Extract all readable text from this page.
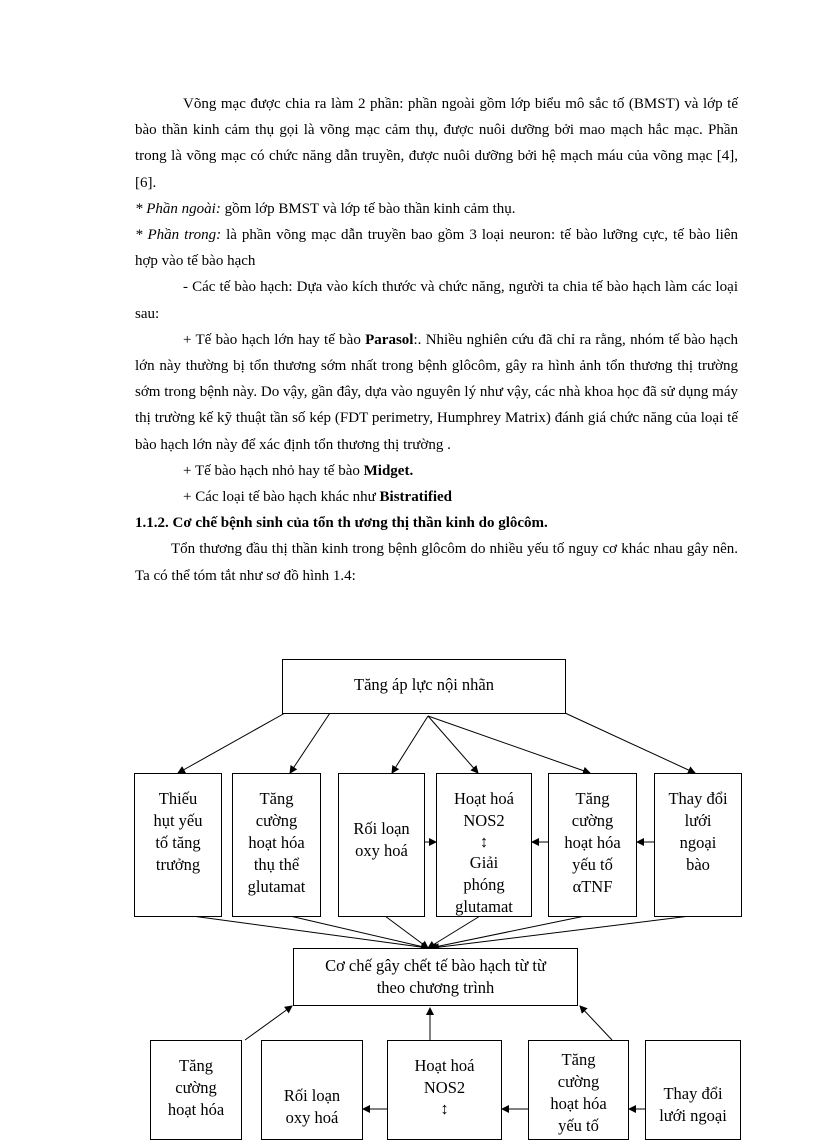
Võng mạc được chia ra làm 2 phần: phần ngoài gồm lớp biểu mô sắc tố (BMST) và lớp tế bào thần kinh cảm thụ gọi là võng mạc cảm thụ, được nuôi dưỡng bởi mao mạch hắc mạc. Phần trong là võng mạc có chức năng dẫn truyền, được nuôi dưỡng bởi hệ mạch máu của võng mạc [4], [6].

* Phần ngoài: gồm lớp BMST và lớp tế bào thần kinh cảm thụ.

* Phần trong: là phần võng mạc dẫn truyền bao gồm 3 loại neuron: tế bào lưỡng cực, tế bào liên hợp vào tế bào hạch

- Các tế bào hạch: Dựa vào kích thước và chức năng, người ta chia tế bào hạch làm các loại sau:

+ Tế bào hạch lớn hay tế bào Parasol:. Nhiều nghiên cứu đã chỉ ra rằng, nhóm tế bào hạch lớn này thường bị tổn thương sớm nhất trong bệnh glôcôm, gây ra hình ảnh tổn thương thị trường sớm trong bệnh này. Do vậy, gần đây, dựa vào nguyên lý như vậy, các nhà khoa học đã sử dụng máy thị trường kế kỹ thuật tần số kép (FDT perimetry, Humphrey Matrix) đánh giá chức năng của loại tế bào hạch lớn này để xác định tổn thương thị trường .

+ Tế bào hạch nhỏ hay tế bào Midget.

+ Các loại tế bào hạch khác như Bistratified

1.1.2. Cơ chế bệnh sinh của tổn th ương thị thần kinh do glôcôm.

Tổn thương đầu thị thần kinh trong bệnh glôcôm do nhiều yếu tố nguy cơ khác nhau gây nên. Ta có thể tóm tắt như sơ đồ hình 1.4:

Tăng áp lực nội nhãn
Thiếu
hụt yếu
tố tăng
trưởng
Tăng
cường
hoạt hóa
thụ thể
glutamat
Rối loạn
oxy hoá
Hoạt hoá
NOS2
↕
Giải
phóng
glutamat
Tăng
cường
hoạt hóa
yếu tố
αTNF
Thay đổi
lưới
ngoại
bào
Cơ chế gây chết tế bào hạch từ từ
theo chương trình
Tăng
cường
hoạt hóa
Rối loạn
oxy hoá
Hoạt hoá
NOS2
↕
Tăng
cường
hoạt hóa
yếu tố
Thay đổi
lưới ngoại
